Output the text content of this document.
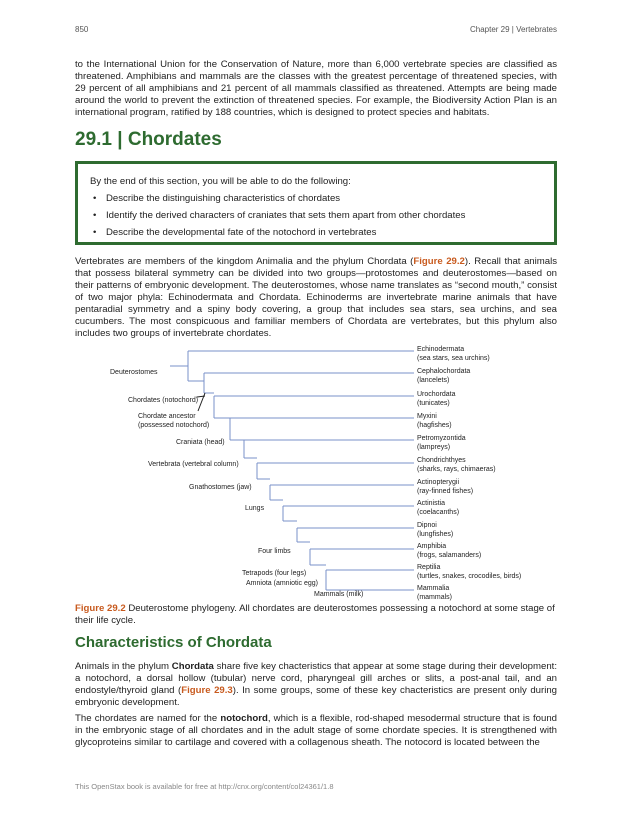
850	Chapter 29 | Vertebrates

to the International Union for the Conservation of Nature, more than 6,000 vertebrate species are classified as threatened. Amphibians and mammals are the classes with the greatest percentage of threatened species, with 29 percent of all amphibians and 21 percent of all mammals classified as threatened. Attempts are being made around the world to prevent the extinction of threatened species. For example, the Biodiversity Action Plan is an international program, ratified by 188 countries, which is designed to protect species and habitats.

29.1 | Chordates
By the end of this section, you will be able to do the following:
• Describe the distinguishing characteristics of chordates
• Identify the derived characters of craniates that sets them apart from other chordates
• Describe the developmental fate of the notochord in vertebrates

Vertebrates are members of the kingdom Animalia and the phylum Chordata (Figure 29.2). Recall that animals that possess bilateral symmetry can be divided into two groups—protostomes and deuterostomes—based on their patterns of embryonic development. The deuterostomes, whose name translates as “second mouth,” consist of two major phyla: Echinodermata and Chordata. Echinoderms are invertebrate marine animals that have pentaradial symmetry and a spiny body covering, a group that includes sea stars, sea urchins, and sea cucumbers. The most conspicuous and familiar members of Chordata are vertebrates, but this phylum also includes two groups of invertebrate chordates.

Deuterostomes
Chordates (notochord)
Chordate ancestor
(possessed notochord)
Craniata (head)
Vertebrata (vertebral column)
Gnathostomes (jaw)
Lungs
Four limbs
Tetrapods (four legs)
Amniota (amniotic egg)
Mammals (milk)
Echinodermata
(sea stars, sea urchins)
Cephalochordata
(lancelets)
Urochordata
(tunicates)
Myxini
(hagfishes)
Petromyzontida
(lampreys)
Chondrichthyes
(sharks, rays, chimaeras)
Actinopterygii
(ray-finned fishes)
Actinistia
(coelacanths)
Dipnoi
(lungfishes)
Amphibia
(frogs, salamanders)
Reptilia
(turtles, snakes, crocodiles, birds)
Mammalia
(mammals)

Figure 29.2 Deuterostome phylogeny. All chordates are deuterostomes possessing a notochord at some stage of their life cycle.

Characteristics of Chordata

Animals in the phylum Chordata share five key chacteristics that appear at some stage during their development: a notochord, a dorsal hollow (tubular) nerve cord, pharyngeal gill arches or slits, a post-anal tail, and an endostyle/thyroid gland (Figure 29.3). In some groups, some of these key chacteristics are present only during embryonic development.

The chordates are named for the notochord, which is a flexible, rod-shaped mesodermal structure that is found in the embryonic stage of all chordates and in the adult stage of some chordate species. It is strengthened with glycoproteins similar to cartilage and covered with a collagenous sheath. The notocord is located between the

This OpenStax book is available for free at http://cnx.org/content/col24361/1.8
